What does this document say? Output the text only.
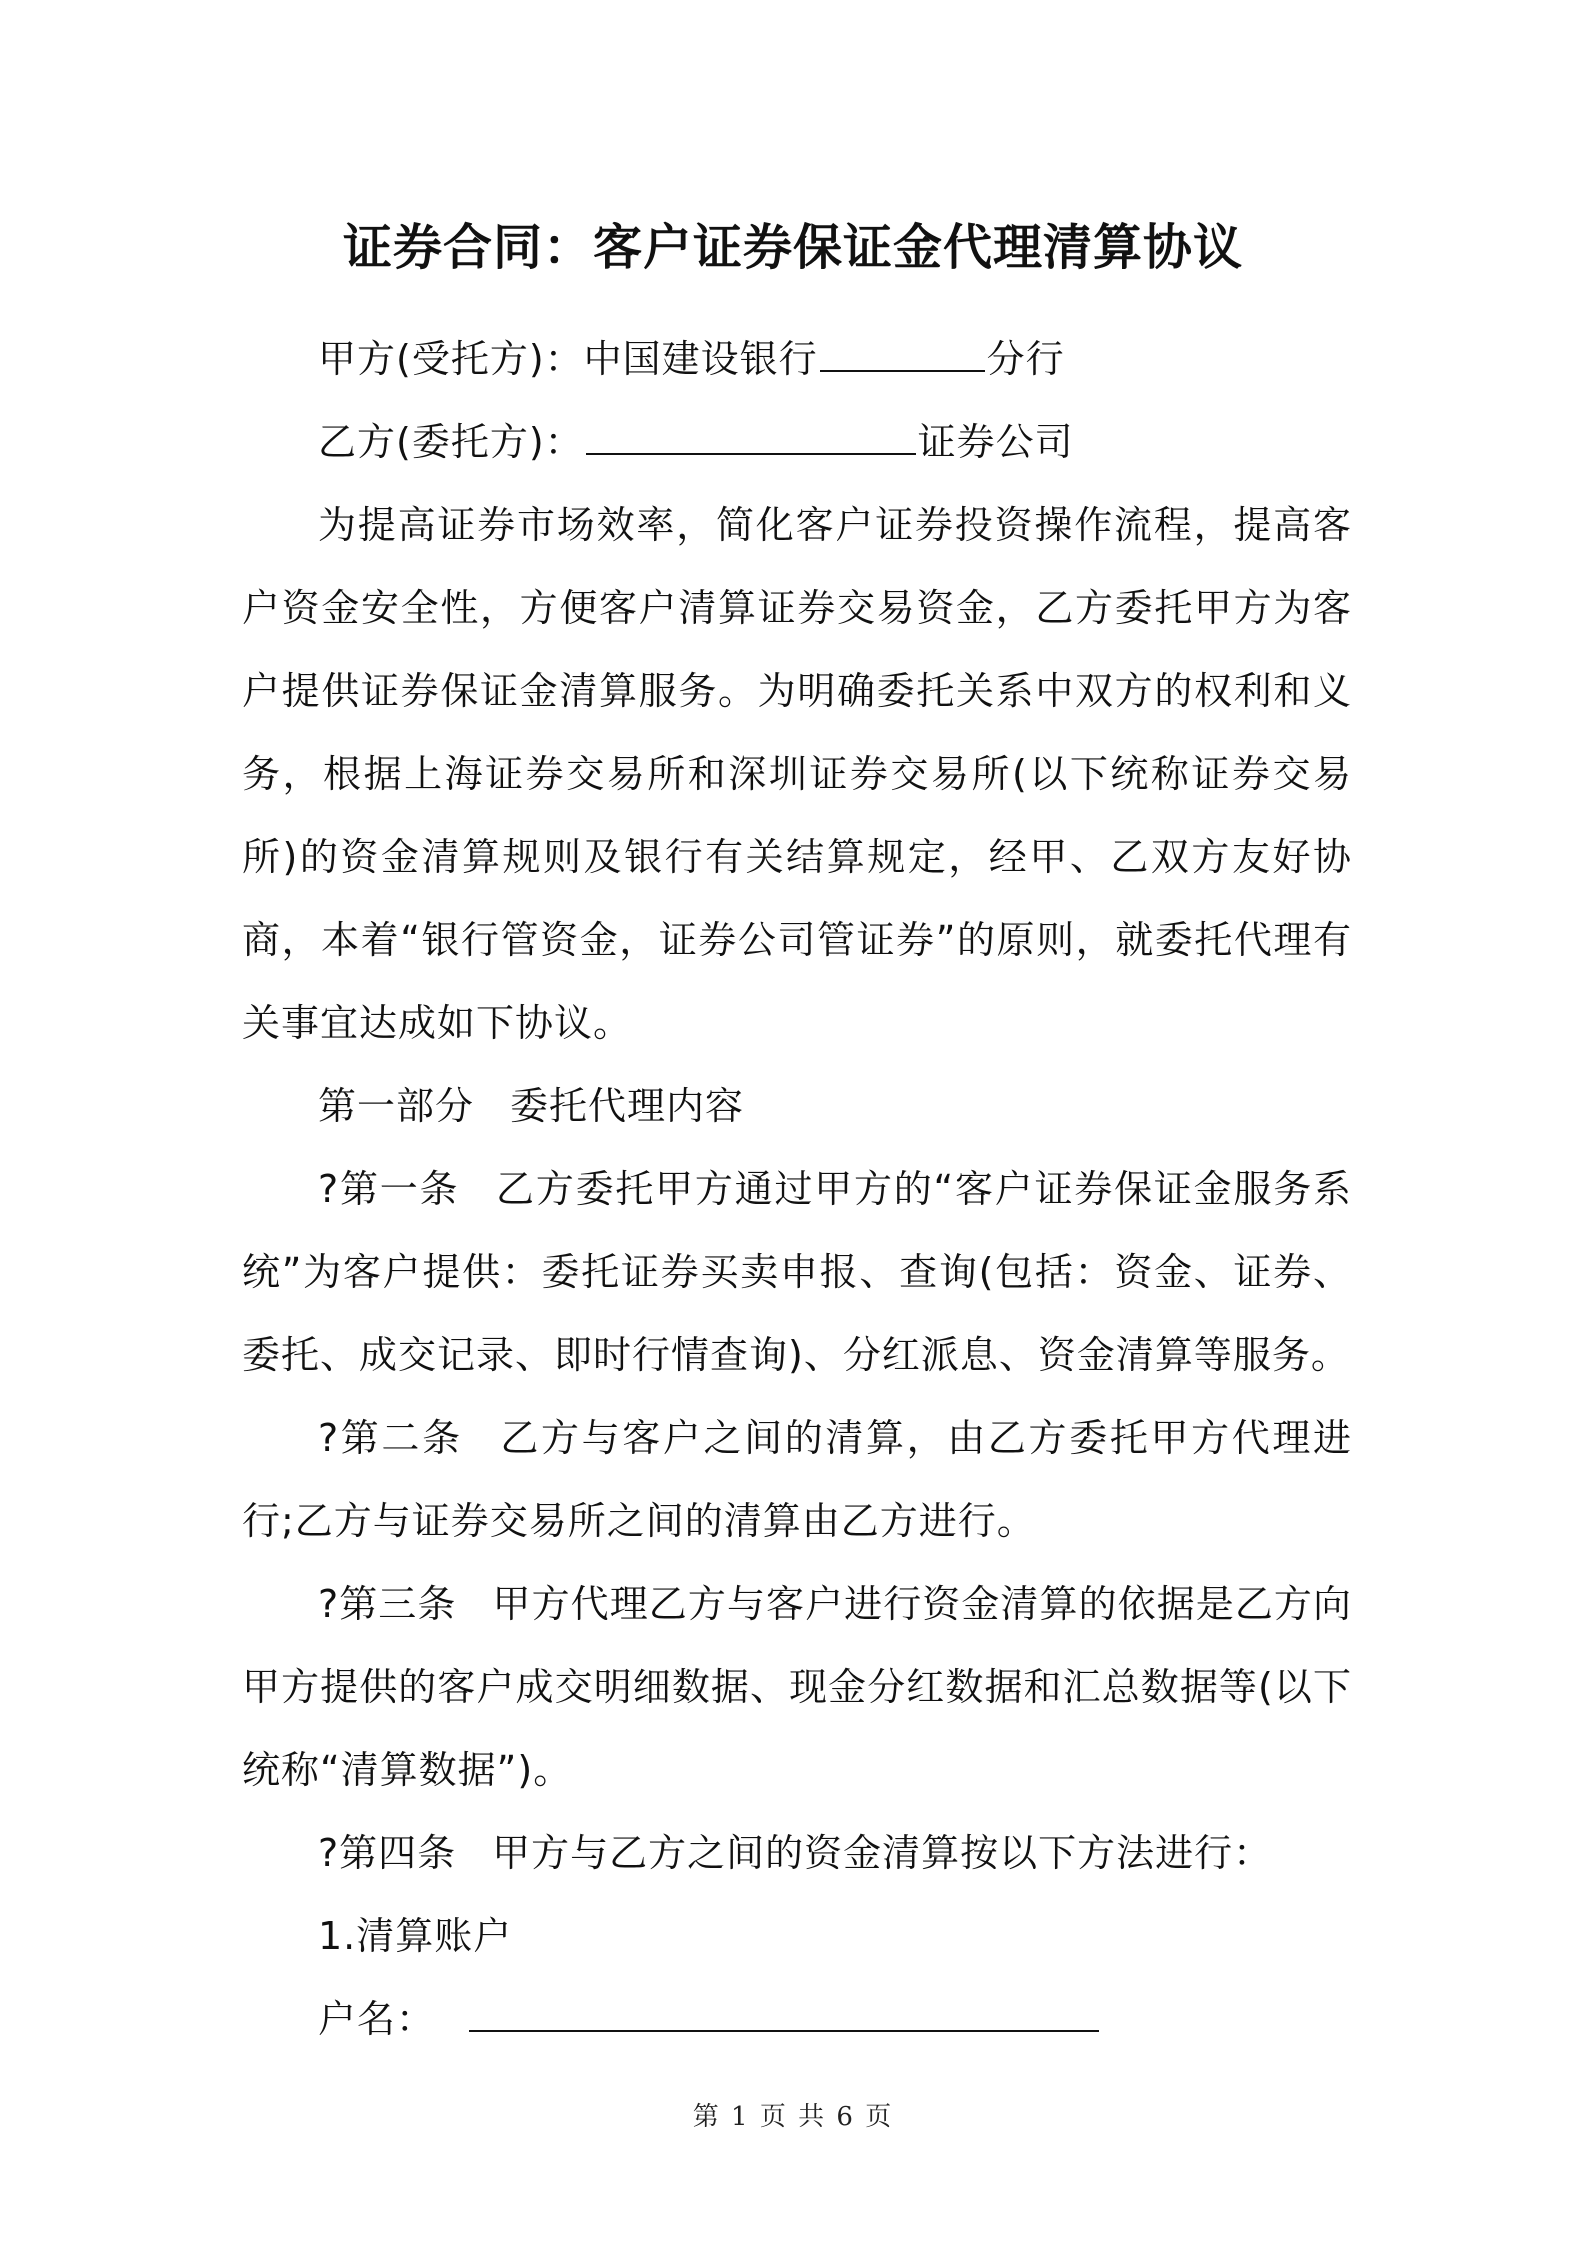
证券合同：客户证券保证金代理清算协议

甲方(受托方)：中国建设银行	分行

乙方(委托方)：	证券公司

为提高证券市场效率，简化客户证券投资操作流程，提高客户资金安全性，方便客户清算证券交易资金，乙方委托甲方为客户提供证券保证金清算服务。为明确委托关系中双方的权利和义务，根据上海证券交易所和深圳证券交易所(以下统称证券交易所)的资金清算规则及银行有关结算规定，经甲、乙双方友好协商，本着“银行管资金，证券公司管证券”的原则，就委托代理有关事宜达成如下协议。

第一部分 委托代理内容

?第一条 乙方委托甲方通过甲方的“客户证券保证金服务系统”为客户提供：委托证券买卖申报、查询(包括：资金、证券、委托、成交记录、即时行情查询)、分红派息、资金清算等服务。

?第二条 乙方与客户之间的清算，由乙方委托甲方代理进行;乙方与证券交易所之间的清算由乙方进行。

?第三条 甲方代理乙方与客户进行资金清算的依据是乙方向甲方提供的客户成交明细数据、现金分红数据和汇总数据等(以下统称“清算数据”)。

?第四条 甲方与乙方之间的资金清算按以下方法进行：

1.清算账户

户名：

第 1 页 共 6 页
